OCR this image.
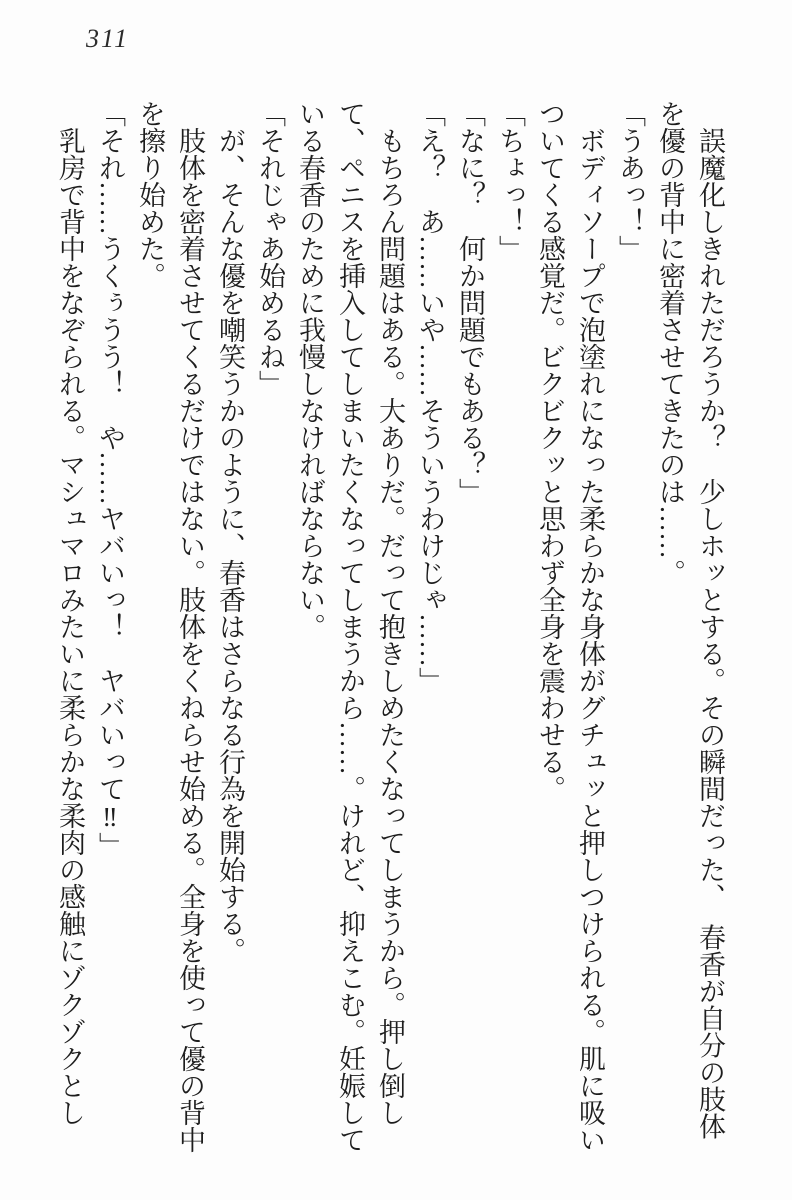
311

誤魔化しきれただろうか？　少しホッとする。その瞬間だった、　春香が自分の肢体を優の背中に密着させてきたのは……。

「うあっ！」

ボディソープで泡塗れになった柔らかな身体がグチュッと押しつけられる。肌に吸いついてくる感覚だ。ビクビクッと思わず全身を震わせる。

「ちょっ！」

「なに？　何か問題でもある？」

「え？　あ……いや……そういうわけじゃ……」

もちろん問題はある。大ありだ。だって抱きしめたくなってしまうから。押し倒して、ペニスを挿入してしまいたくなってしまうから……。けれど、抑えこむ。妊娠している春香のために我慢しなければならない。

「それじゃあ始めるね」

が、そんな優を嘲笑うかのように、春香はさらなる行為を開始する。

肢体を密着させてくるだけではない。肢体をくねらせ始める。全身を使って優の背中を擦り始めた。

「それ……うくぅうう！　や……ヤバいっ！　ヤバいって‼」

乳房で背中をなぞられる。マシュマロみたいに柔らかな柔肉の感触にゾクゾクとし
